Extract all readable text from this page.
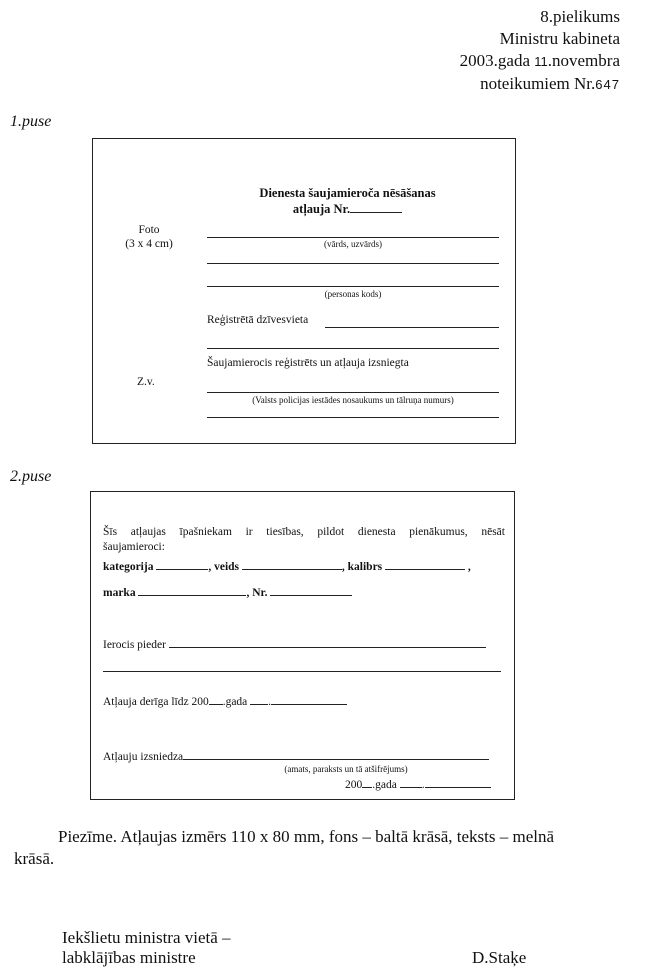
8.pielikums
Ministru kabineta
2003.gada 11.novembra
noteikumiem Nr.647
1.puse
Dienesta šaujamieroča nēsāšanas
atļauja Nr.
Foto
(3 x 4 cm)	(vārds, uzvārds)
(personas kods)
Reģistrētā dzīvesvieta
Šaujamierocis reģistrēts un atļauja izsniegta
Z.v.
(Valsts policijas iestādes nosaukums un tālruņa numurs)
2.puse
Šīs atļaujas īpašniekam ir tiesības, pildot dienesta pienākumus, nēsāt
šaujamieroci:
kategorija	, veids	, kalibrs	,
marka	, Nr.
Ierocis pieder
Atļauja derīga līdz 200 .gada .
Atļauju izsniedza
(amats, paraksts un tā atšifrējums)
200 .gada .
Piezīme. Atļaujas izmērs 110 x 80 mm, fons – baltā krāsā, teksts – melnā
krāsā.
Iekšlietu ministra vietā –
labklājības ministre	D.Staķe
